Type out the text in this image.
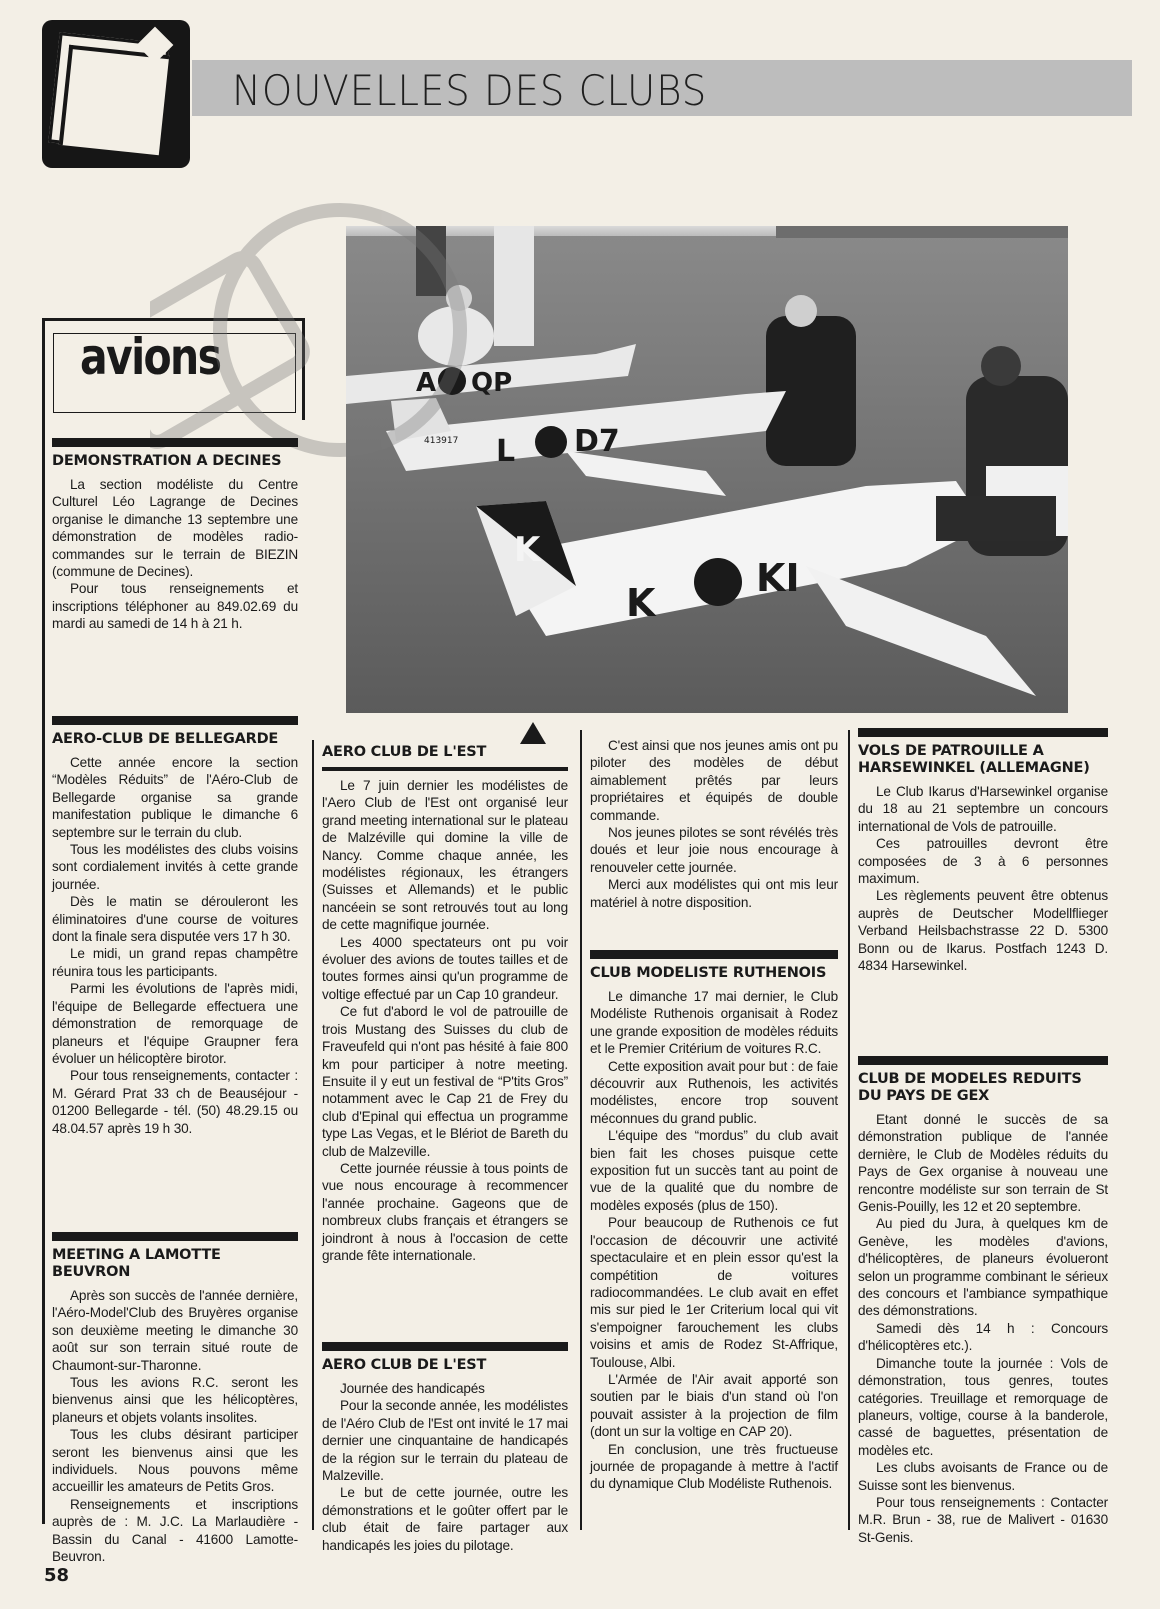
NOUVELLES DES CLUBS
avions	A QP
L D7
413917
K
K
KI
DEMONSTRATION A DECINES

La section modéliste du Centre Culturel Léo Lagrange de Decines organise le dimanche 13 septembre une démonstration de modèles radio-commandes sur le terrain de BIEZIN (commune de Decines).

Pour tous renseignements et inscriptions téléphoner au 849.02.69 du mardi au samedi de 14 h à 21 h.

AERO-CLUB DE BELLEGARDE

Cette année encore la section “Modèles Réduits” de l'Aéro-Club de Bellegarde organise sa grande manifestation publique le dimanche 6 septembre sur le terrain du club.

Tous les modélistes des clubs voisins sont cordialement invités à cette grande journée.

Dès le matin se dérouleront les éliminatoires d'une course de voitures dont la finale sera disputée vers 17 h 30.

Le midi, un grand repas champêtre réunira tous les participants.

Parmi les évolutions de l'après midi, l'équipe de Bellegarde effectuera une démonstration de remorquage de planeurs et l'équipe Graupner fera évoluer un hélicoptère birotor.

Pour tous renseignements, contacter : M. Gérard Prat 33 ch de Beauséjour - 01200 Bellegarde - tél. (50) 48.29.15 ou 48.04.57 après 19 h 30.

MEETING A LAMOTTE BEUVRON

Après son succès de l'année dernière, l'Aéro-Model'Club des Bruyères organise son deuxième meeting le dimanche 30 août sur son terrain situé route de Chaumont-sur-Tharonne.

Tous les avions R.C. seront les bienvenus ainsi que les hélicoptères, planeurs et objets volants insolites.

Tous les clubs désirant participer seront les bienvenus ainsi que les individuels. Nous pouvons même accueillir les amateurs de Petits Gros.

Renseignements et inscriptions auprès de : M. J.C. La Marlaudière - Bassin du Canal - 41600 Lamotte-Beuvron.

AERO CLUB DE L'EST

Le 7 juin dernier les modélistes de l'Aero Club de l'Est ont organisé leur grand meeting international sur le plateau de Malzéville qui domine la ville de Nancy. Comme chaque année, les modélistes régionaux, les étrangers (Suisses et Allemands) et le public nancéein se sont retrouvés tout au long de cette magnifique journée.

Les 4000 spectateurs ont pu voir évoluer des avions de toutes tailles et de toutes formes ainsi qu'un programme de voltige effectué par un Cap 10 grandeur.

Ce fut d'abord le vol de patrouille de trois Mustang des Suisses du club de Fraveufeld qui n'ont pas hésité à faie 800 km pour participer à notre meeting. Ensuite il y eut un festival de “P'tits Gros” notamment avec le Cap 21 de Frey du club d'Epinal qui effectua un programme type Las Vegas, et le Blériot de Bareth du club de Malzeville.

Cette journée réussie à tous points de vue nous encourage à recommencer l'année prochaine. Gageons que de nombreux clubs français et étrangers se joindront à nous à l'occasion de cette grande fête internationale.

AERO CLUB DE L'EST

Journée des handicapés

Pour la seconde année, les modélistes de l'Aéro Club de l'Est ont invité le 17 mai dernier une cinquantaine de handicapés de la région sur le terrain du plateau de Malzeville.

Le but de cette journée, outre les démonstrations et le goûter offert par le club était de faire partager aux handicapés les joies du pilotage.

C'est ainsi que nos jeunes amis ont pu piloter des modèles de début aimablement prêtés par leurs propriétaires et équipés de double commande.

Nos jeunes pilotes se sont révélés très doués et leur joie nous encourage à renouveler cette journée.

Merci aux modélistes qui ont mis leur matériel à notre disposition.

CLUB MODELISTE RUTHENOIS

Le dimanche 17 mai dernier, le Club Modéliste Ruthenois organisait à Rodez une grande exposition de modèles réduits et le Premier Critérium de voitures R.C.

Cette exposition avait pour but : de faie découvrir aux Ruthenois, les activités modélistes, encore trop souvent méconnues du grand public.

L'équipe des “mordus” du club avait bien fait les choses puisque cette exposition fut un succès tant au point de vue de la qualité que du nombre de modèles exposés (plus de 150).

Pour beaucoup de Ruthenois ce fut l'occasion de découvrir une activité spectaculaire et en plein essor qu'est la compétition de voitures radiocommandées. Le club avait en effet mis sur pied le 1er Criterium local qui vit s'empoigner farouchement les clubs voisins et amis de Rodez St-Affrique, Toulouse, Albi.

L'Armée de l'Air avait apporté son soutien par le biais d'un stand où l'on pouvait assister à la projection de film (dont un sur la voltige en CAP 20).

En conclusion, une très fructueuse journée de propagande à mettre à l'actif du dynamique Club Modéliste Ruthenois.

VOLS DE PATROUILLE A HARSEWINKEL (ALLEMAGNE)

Le Club Ikarus d'Harsewinkel organise du 18 au 21 septembre un concours international de Vols de patrouille.

Ces patrouilles devront être composées de 3 à 6 personnes maximum.

Les règlements peuvent être obtenus auprès de Deutscher Modellflieger Verband Heilsbachstrasse 22 D. 5300 Bonn ou de Ikarus. Postfach 1243 D. 4834 Harsewinkel.

CLUB DE MODELES REDUITS DU PAYS DE GEX

Etant donné le succès de sa démonstration publique de l'année dernière, le Club de Modèles réduits du Pays de Gex organise à nouveau une rencontre modéliste sur son terrain de St Genis-Pouilly, les 12 et 20 septembre.

Au pied du Jura, à quelques km de Genève, les modèles d'avions, d'hélicoptères, de planeurs évolueront selon un programme combinant le sérieux des concours et l'ambiance sympathique des démonstrations.

Samedi dès 14 h : Concours d'hélicoptères etc.).

Dimanche toute la journée : Vols de démonstration, tous genres, toutes catégories. Treuillage et remorquage de planeurs, voltige, course à la banderole, cassé de baguettes, présentation de modèles etc.

Les clubs avoisants de France ou de Suisse sont les bienvenus.

Pour tous renseignements : Contacter M.R. Brun - 38, rue de Malivert - 01630 St-Genis.

58
